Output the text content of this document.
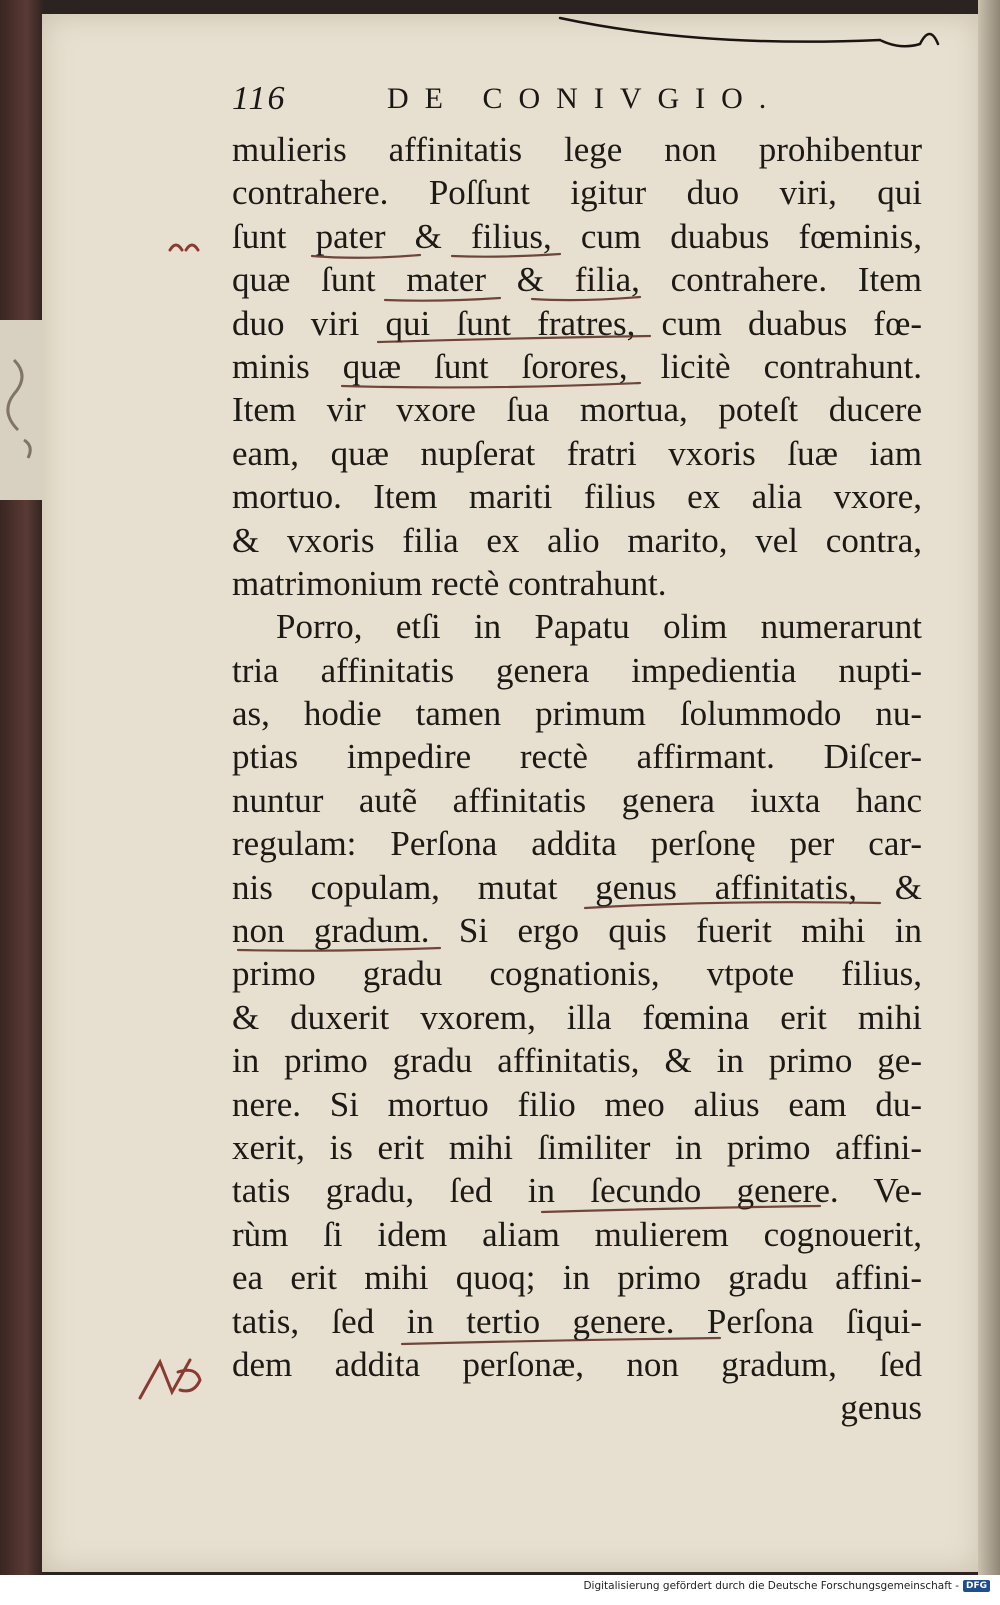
116	DE CONIVGIO.
mulieris affinitatis lege non prohibentur
contrahere. Poſſunt igitur duo viri, qui
ſunt pater & filius, cum duabus fœminis,
quæ ſunt mater & filia, contrahere. Item
duo viri qui ſunt fratres, cum duabus fœ-
minis quæ ſunt ſorores, licitè contrahunt.
Item vir vxore ſua mortua, poteſt ducere
eam, quæ nupſerat fratri vxoris ſuæ iam
mortuo. Item mariti filius ex alia vxore,
& vxoris filia ex alio marito, vel contra,
matrimonium rectè contrahunt.
Porro, etſi in Papatu olim numerarunt
tria affinitatis genera impedientia nupti-
as, hodie tamen primum ſolummodo nu-
ptias impedire rectè affirmant. Diſcer-
nuntur autẽ affinitatis genera iuxta hanc
regulam: Perſona addita perſonę per car-
nis copulam, mutat genus affinitatis, &
non gradum. Si ergo quis fuerit mihi in
primo gradu cognationis, vtpote filius,
& duxerit vxorem, illa fœmina erit mihi
in primo gradu affinitatis, & in primo ge-
nere. Si mortuo filio meo alius eam du-
xerit, is erit mihi ſimiliter in primo affini-
tatis gradu, ſed in ſecundo genere. Ve-
rùm ſi idem aliam mulierem cognouerit,
ea erit mihi quoq; in primo gradu affini-
tatis, ſed in tertio genere. Perſona ſiqui-
dem addita perſonæ, non gradum, ſed
genus
Digitalisierung gefördert durch die Deutsche Forschungsgemeinschaft - DFG
